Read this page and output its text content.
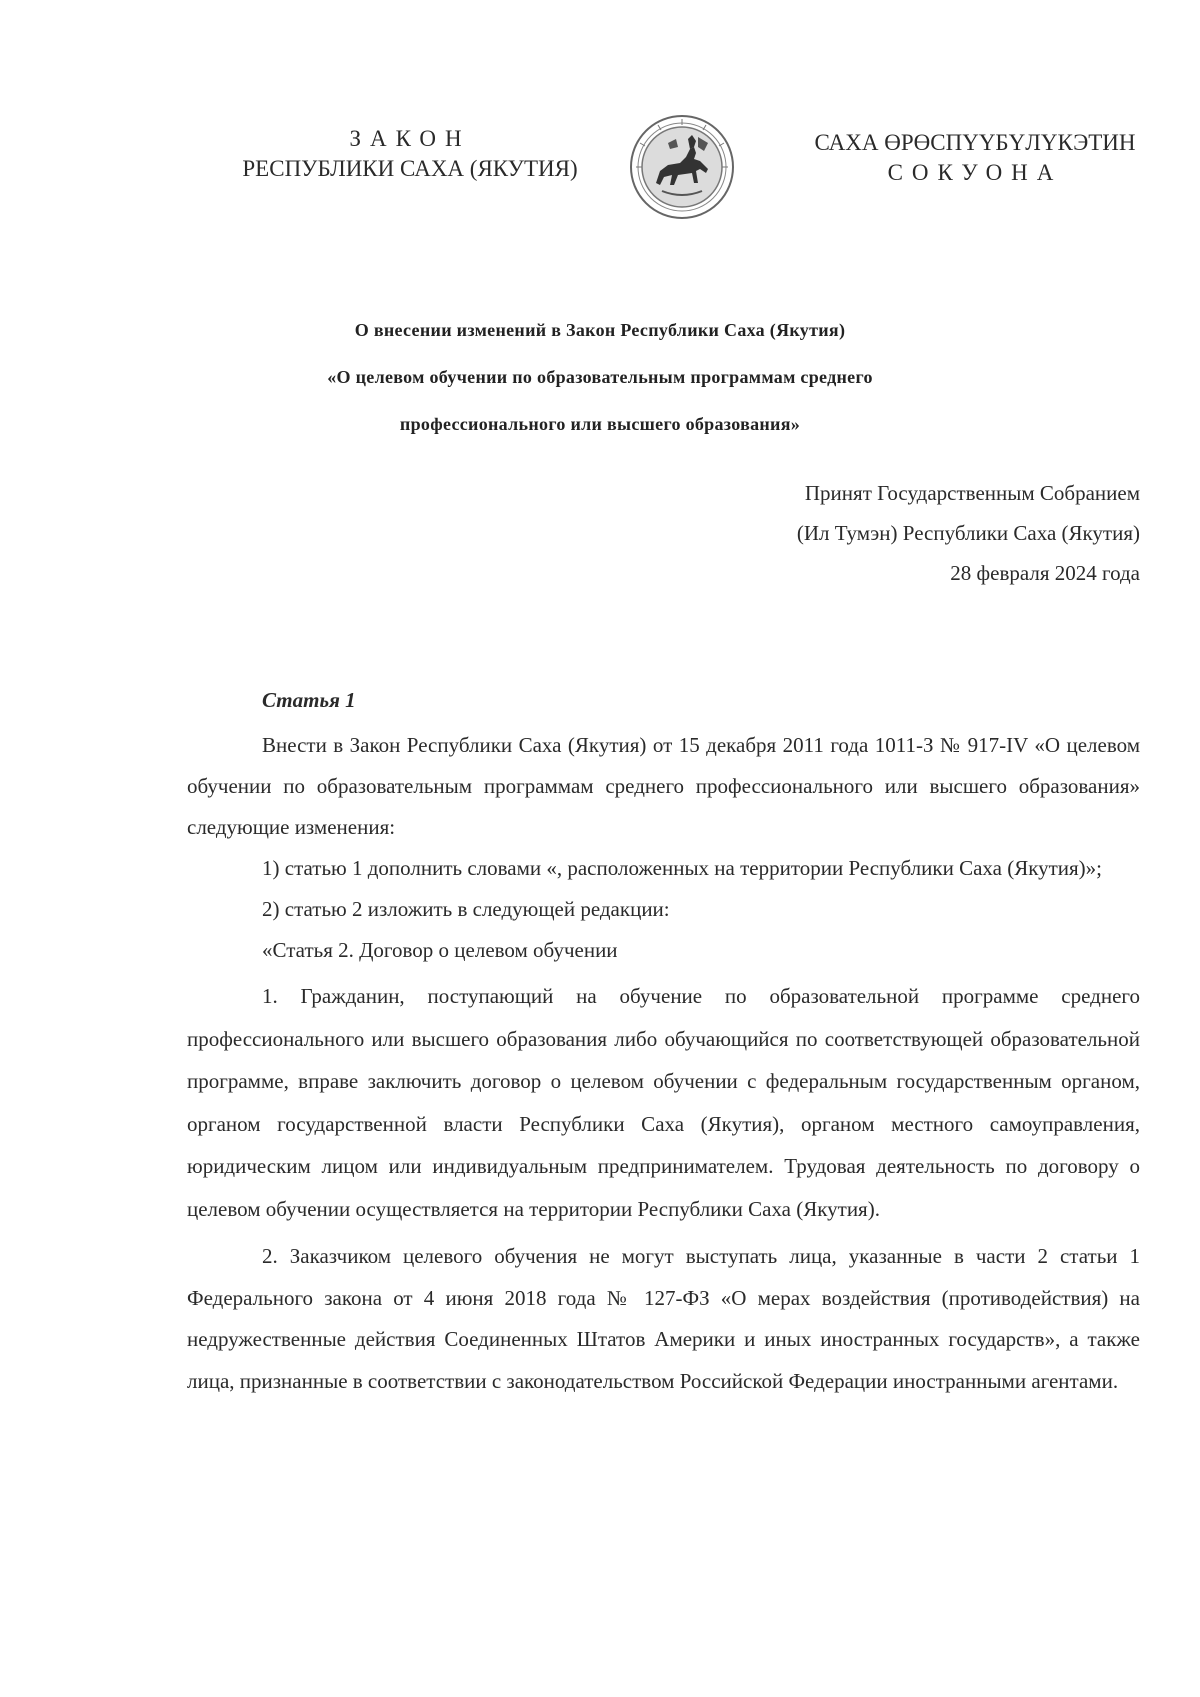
ЗАКОН
РЕСПУБЛИКИ САХА (ЯКУТИЯ)
САХА ӨРӨСПҮҮБҮЛҮКЭТИН
СОКУОНА
О внесении изменений в Закон Республики Саха (Якутия)
«О целевом обучении по образовательным программам среднего
профессионального или высшего образования»
Принят Государственным Собранием
(Ил Тумэн) Республики Саха (Якутия)
28 февраля 2024 года
Статья 1

Внести в Закон Республики Саха (Якутия) от 15 декабря 2011 года 1011-З № 917-IV «О целевом обучении по образовательным программам среднего профессионального или высшего образования» следующие изменения:

1) статью 1 дополнить словами «, расположенных на территории Республики Саха (Якутия)»;

2) статью 2 изложить в следующей редакции:

«Статья 2. Договор о целевом обучении

1. Гражданин, поступающий на обучение по образовательной программе среднего профессионального или высшего образования либо обучающийся по соответствующей образовательной программе, вправе заключить договор о целевом обучении с федеральным государственным органом, органом государственной власти Республики Саха (Якутия), органом местного самоуправления, юридическим лицом или индивидуальным предпринимателем. Трудовая деятельность по договору о целевом обучении осуществляется на территории Республики Саха (Якутия).

2. Заказчиком целевого обучения не могут выступать лица, указанные в части 2 статьи 1 Федерального закона от 4 июня 2018 года № 127-ФЗ «О мерах воздействия (противодействия) на недружественные действия Соединенных Штатов Америки и иных иностранных государств», а также лица, признанные в соответствии с законодательством Российской Федерации иностранными агентами.
